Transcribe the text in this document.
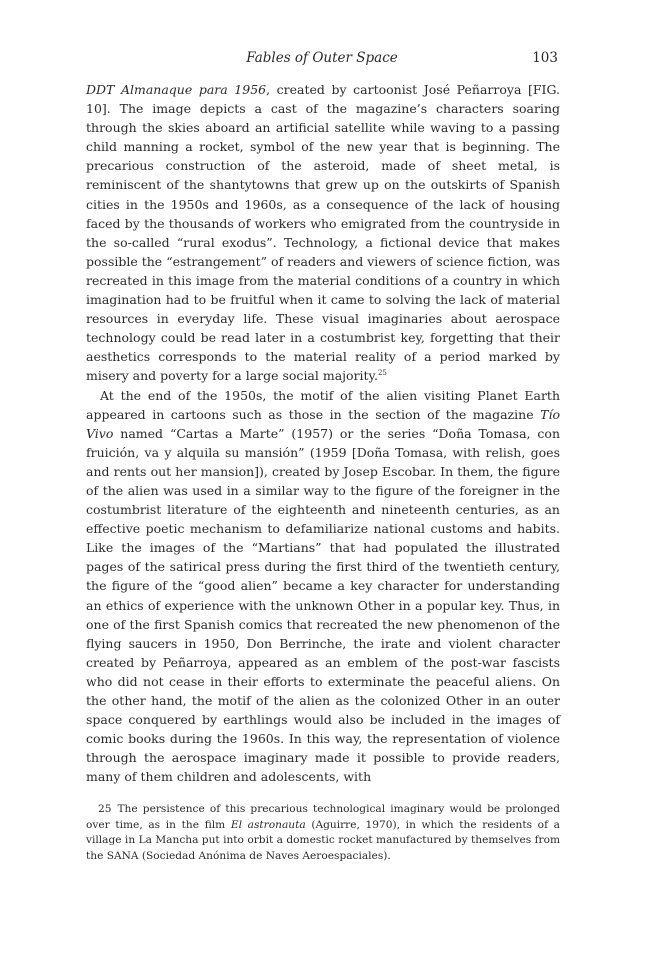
Fables of Outer Space	103

DDT Almanaque para 1956, created by cartoonist José Peñarroya [FIG. 10]. The image depicts a cast of the magazine’s characters soaring through the skies aboard an artificial satellite while waving to a passing child manning a rocket, symbol of the new year that is beginning. The precarious construction of the asteroid, made of sheet metal, is reminiscent of the shantytowns that grew up on the outskirts of Spanish cities in the 1950s and 1960s, as a consequence of the lack of housing faced by the thousands of workers who emigrated from the countryside in the so-called “rural exodus”. Technology, a fictional device that makes possible the “estrangement” of readers and viewers of science fiction, was recreated in this image from the material conditions of a country in which imagination had to be fruitful when it came to solving the lack of material resources in everyday life. These visual imaginaries about aerospace technology could be read later in a costumbrist key, forgetting that their aesthetics corresponds to the material reality of a period marked by misery and poverty for a large social majority.$^{25}$

At the end of the 1950s, the motif of the alien visiting Planet Earth appeared in cartoons such as those in the section of the magazine Tío Vivo named “Cartas a Marte” (1957) or the series “Doña Tomasa, con fruición, va y alquila su mansión” (1959 [Doña Tomasa, with relish, goes and rents out her mansion]), created by Josep Escobar. In them, the figure of the alien was used in a similar way to the figure of the foreigner in the costumbrist literature of the eighteenth and nineteenth centuries, as an effective poetic mechanism to defamiliarize national customs and habits. Like the images of the “Martians” that had populated the illustrated pages of the satirical press during the first third of the twentieth century, the figure of the “good alien” became a key character for understanding an ethics of experience with the unknown Other in a popular key. Thus, in one of the first Spanish comics that recreated the new phenomenon of the flying saucers in 1950, Don Berrinche, the irate and violent character created by Peñarroya, appeared as an emblem of the post-war fascists who did not cease in their efforts to exterminate the peaceful aliens. On the other hand, the motif of the alien as the colonized Other in an outer space conquered by earthlings would also be included in the images of comic books during the 1960s. In this way, the representation of violence through the aerospace imaginary made it possible to provide readers, many of them children and adolescents, with

25 The persistence of this precarious technological imaginary would be prolonged over time, as in the film El astronauta (Aguirre, 1970), in which the residents of a village in La Mancha put into orbit a domestic rocket manufactured by themselves from the SANA (Sociedad Anónima de Naves Aeroespaciales).
